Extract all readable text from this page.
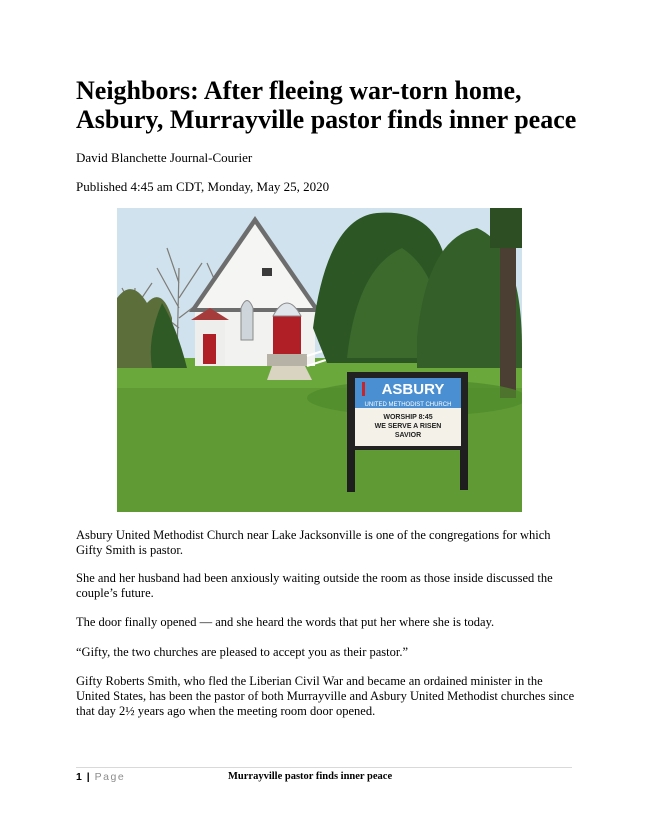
Neighbors: After fleeing war-torn home, Asbury, Murrayville pastor finds inner peace
David Blanchette Journal-Courier
Published 4:45 am CDT, Monday, May 25, 2020
ASBURY
UNITED METHODIST CHURCH
WORSHIP 8:45
WE SERVE A RISEN
SAVIOR

Asbury United Methodist Church near Lake Jacksonville is one of the congregations for which Gifty Smith is pastor.

She and her husband had been anxiously waiting outside the room as those inside discussed the couple’s future.

The door finally opened — and she heard the words that put her where she is today.

“Gifty, the two churches are pleased to accept you as their pastor.”

Gifty Roberts Smith, who fled the Liberian Civil War and became an ordained minister in the United States, has been the pastor of both Murrayville and Asbury United Methodist churches since that day 2½ years ago when the meeting room door opened.

1 | Page	Murrayville pastor finds inner peace
